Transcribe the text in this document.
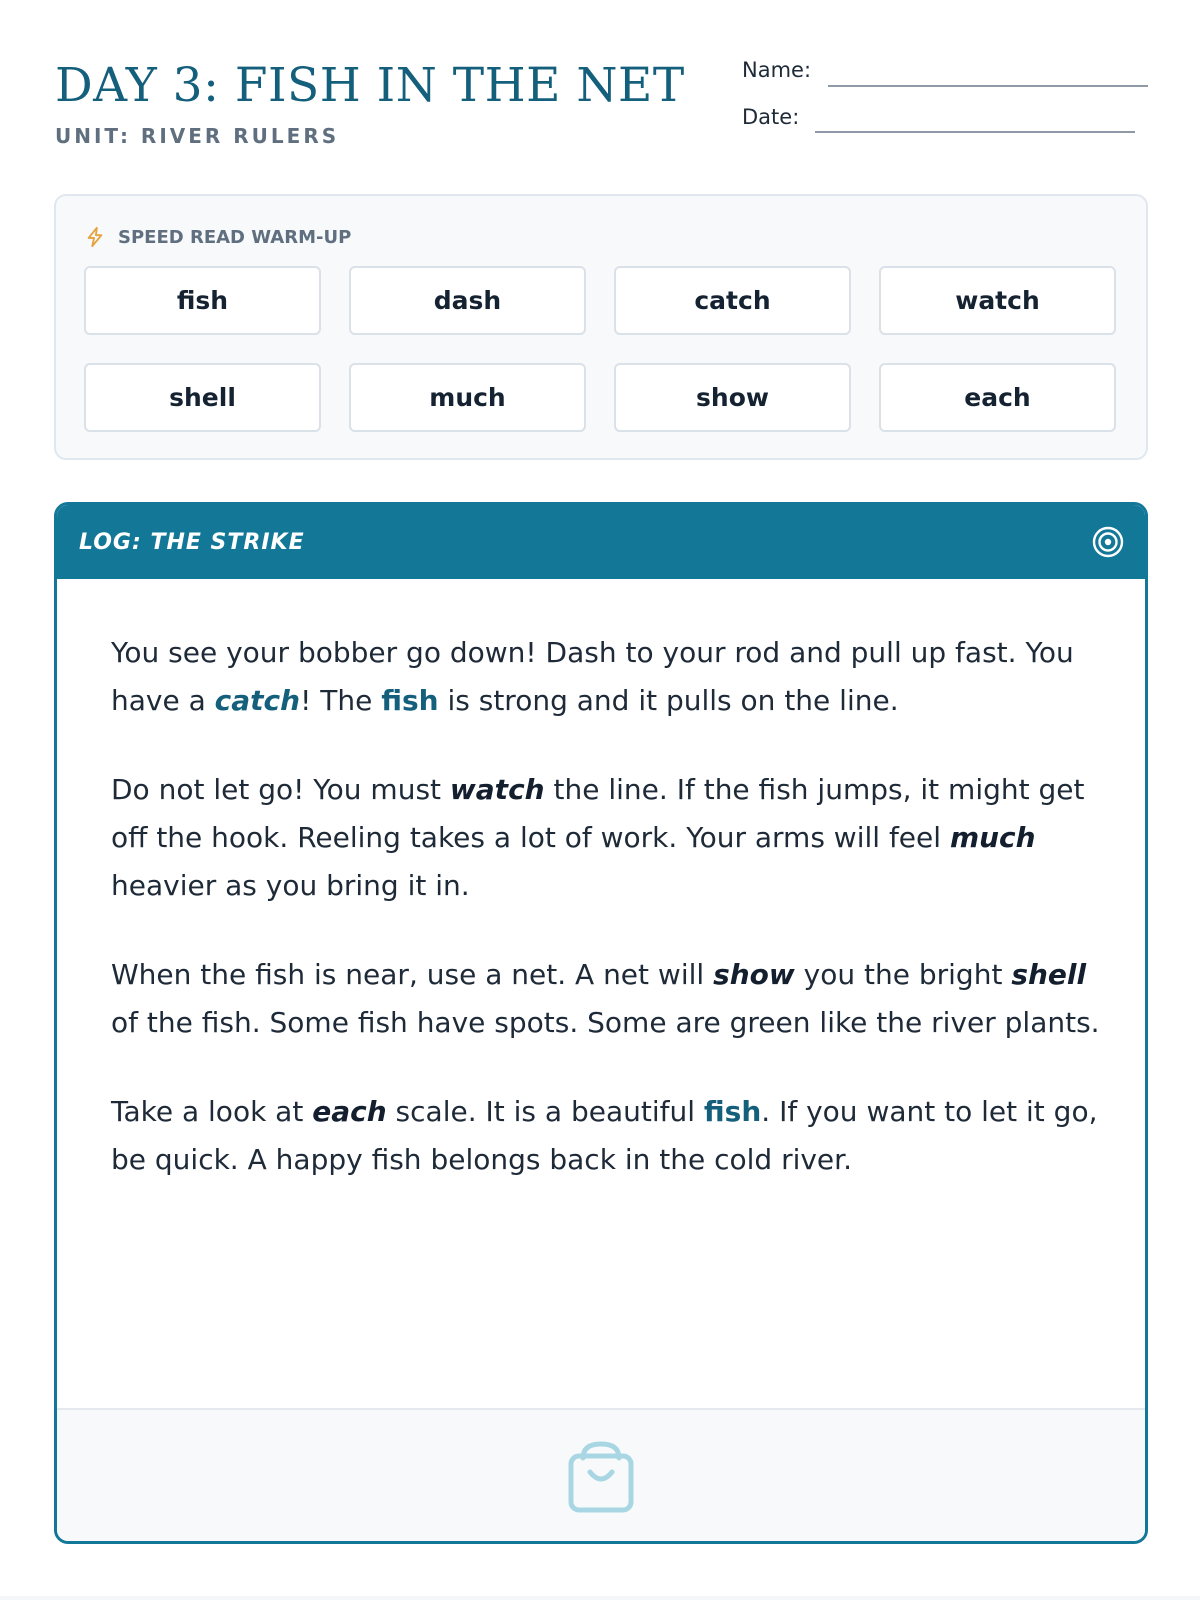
DAY 3: FISH IN THE NET
UNIT: RIVER RULERS
Name:
Date:
SPEED READ WARM-UP
fish	dash	catch	watch
shell	much	show	each
LOG: THE STRIKE

You see your bobber go down! Dash to your rod and pull up fast. You have a catch! The fish is strong and it pulls on the line.

Do not let go! You must watch the line. If the fish jumps, it might get off the hook. Reeling takes a lot of work. Your arms will feel much heavier as you bring it in.

When the fish is near, use a net. A net will show you the bright shell of the fish. Some fish have spots. Some are green like the river plants.

Take a look at each scale. It is a beautiful fish. If you want to let it go, be quick. A happy fish belongs back in the cold river.
